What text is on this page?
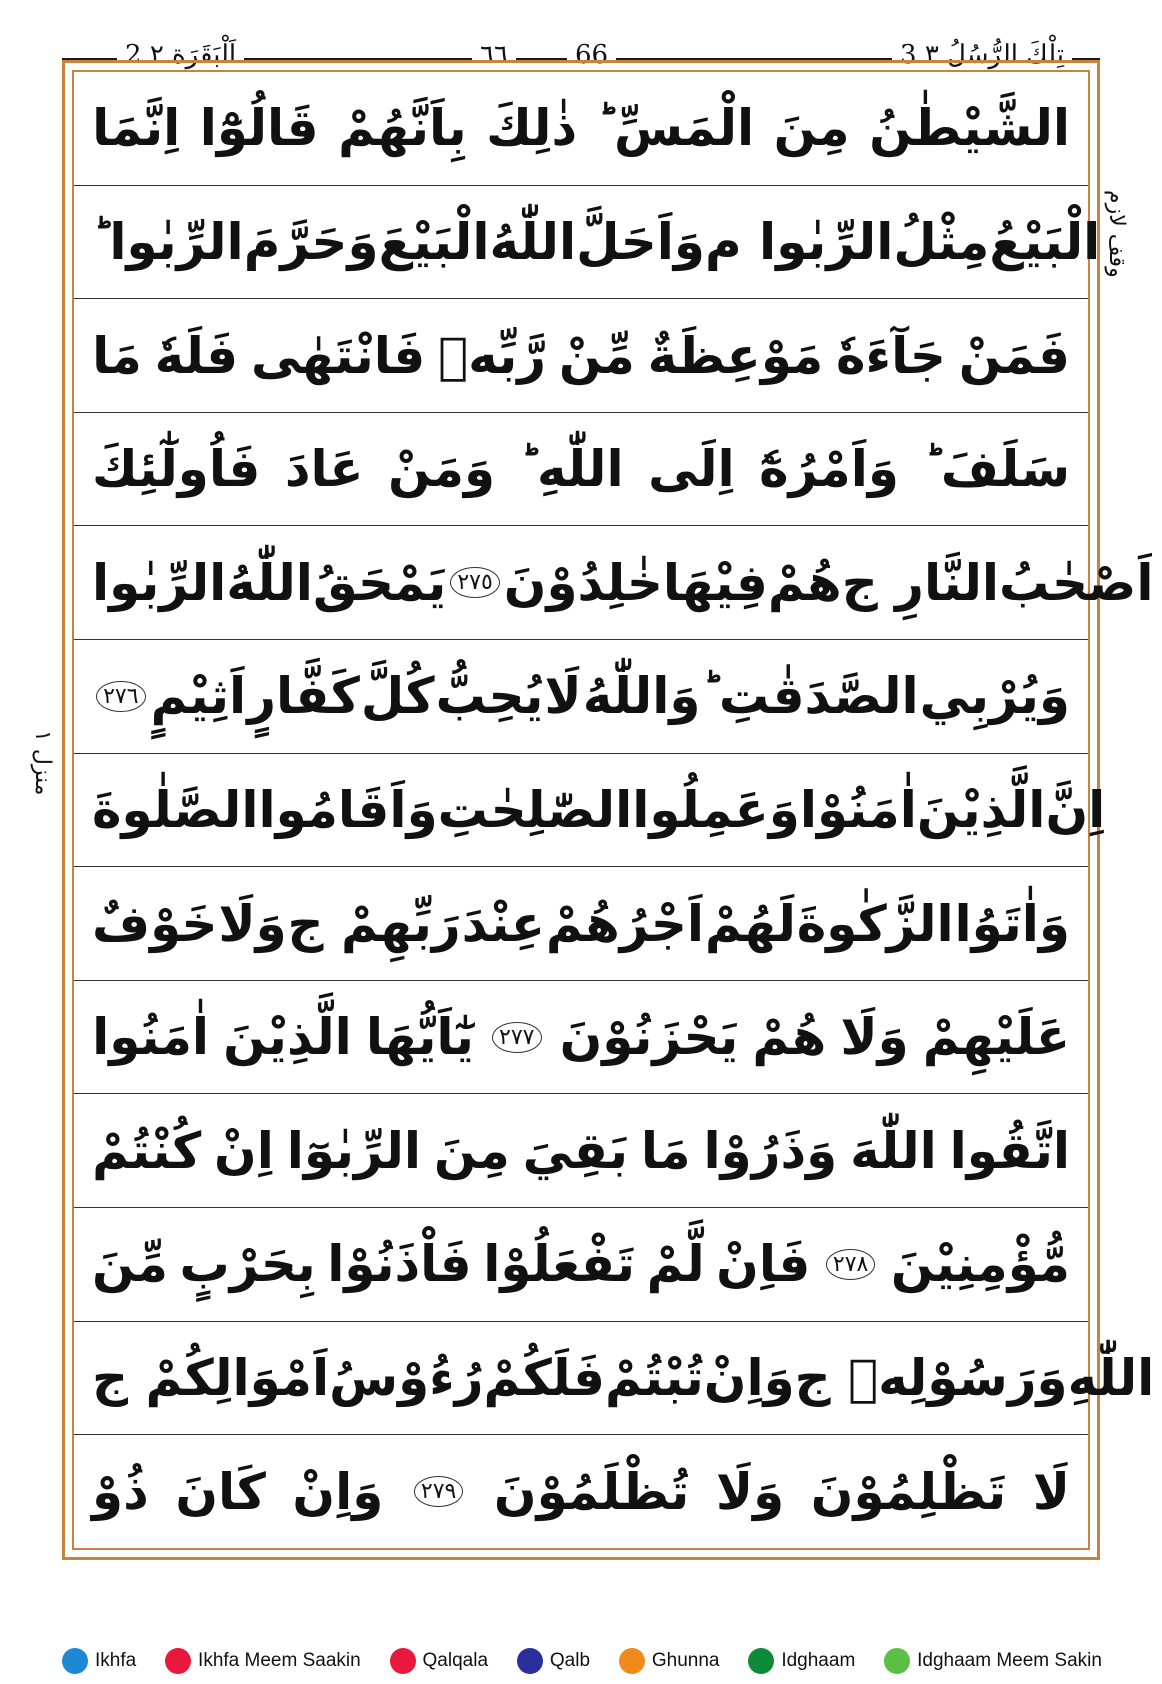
2 اَلْبَقَرَة ٢	٦٦	66	3 تِلْكَ الرُّسُلُ ٣
وقف لازم
منزل ١
اِنَّمَا قَالُوْٓا بِاَنَّهُمْ ذٰلِكَ الْمَسِّ ؕ مِنَ الشَّيْطٰنُ
الرِّبٰوا ؕ وَحَرَّمَ الْبَيْعَ اللّٰهُ وَاَحَلَّ الرِّبٰوا م مِثْلُ الْبَيْعُ
مَا فَلَهٗ فَانْتَهٰى رَّبِّهٖ مِّنْ مَوْعِظَةٌ جَآءَهٗ فَمَنْ
فَاُولٰٓئِكَ عَادَ وَمَنْ اللّٰهِ ؕ اِلَى وَاَمْرُهٗٓ سَلَفَ ؕ
الرِّبٰوا اللّٰهُ يَمْحَقُ ٢٧٥ خٰلِدُوْنَ فِيْهَا هُمْ النَّارِ ج اَصْحٰبُ
٢٧٦ اَثِيْمٍ كَفَّارٍ كُلَّ يُحِبُّ لَا وَاللّٰهُ الصَّدَقٰتِ ؕ وَيُرْبِي
الصَّلٰوةَ وَاَقَامُوا الصّٰلِحٰتِ وَعَمِلُوا اٰمَنُوْا الَّذِيْنَ اِنَّ
خَوْفٌ وَلَا رَبِّهِمْ ج عِنْدَ اَجْرُهُمْ لَهُمْ الزَّكٰوةَ وَاٰتَوُا
اٰمَنُوا الَّذِيْنَ يٰٓاَيُّهَا	٢٧٧ يَحْزَنُوْنَ هُمْ وَلَا عَلَيْهِمْ
كُنْتُمْ اِنْ الرِّبٰوٓا مِنَ بَقِيَ مَا وَذَرُوْا اللّٰهَ اتَّقُوا
مِّنَ بِحَرْبٍ فَاْذَنُوْا تَفْعَلُوْا لَّمْ فَاِنْ	٢٧٨ مُّؤْمِنِيْنَ
اَمْوَالِكُمْ ج رُءُوْسُ فَلَكُمْ تُبْتُمْ وَاِنْ وَرَسُوْلِهٖ ج اللّٰهِ
ذُوْ كَانَ وَاِنْ	٢٧٩ تُظْلَمُوْنَ وَلَا تَظْلِمُوْنَ لَا
Ikhfa	Ikhfa Meem Saakin	Qalqala	Qalb	Ghunna	Idghaam	Idghaam Meem Sakin
